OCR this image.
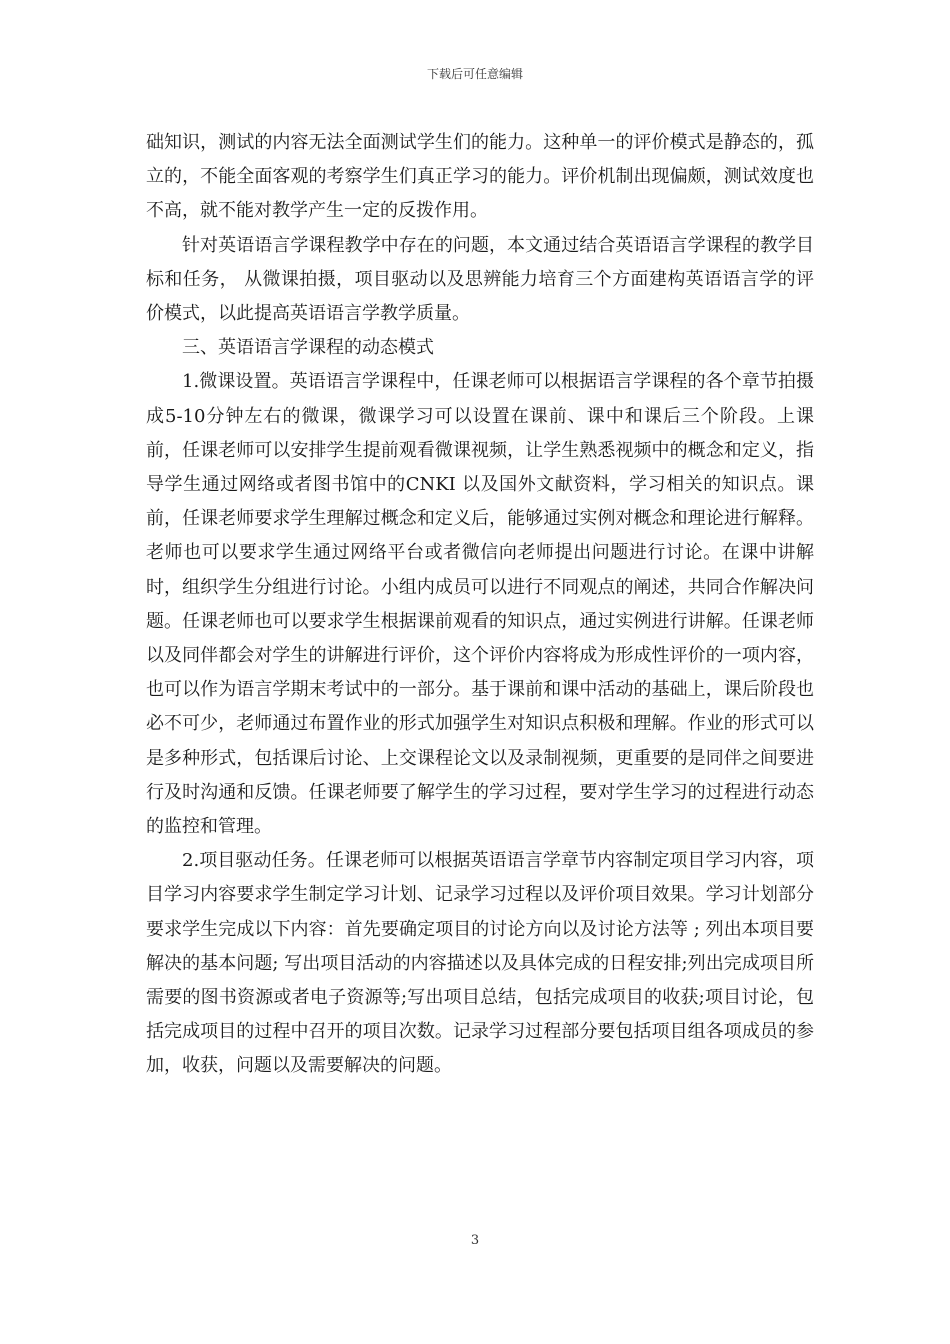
下载后可任意编辑

础知识，测试的内容无法全面测试学生们的能力。这种单一的评价模式是静态的，孤立的，不能全面客观的考察学生们真正学习的能力。评价机制出现偏颇，测试效度也不高，就不能对教学产生一定的反拨作用。

针对英语语言学课程教学中存在的问题，本文通过结合英语语言学课程的教学目标和任务， 从微课拍摄，项目驱动以及思辨能力培育三个方面建构英语语言学的评价模式，以此提高英语语言学教学质量。

三、英语语言学课程的动态模式

1.微课设置。英语语言学课程中，任课老师可以根据语言学课程的各个章节拍摄成5-10分钟左右的微课，微课学习可以设置在课前、课中和课后三个阶段。上课前，任课老师可以安排学生提前观看微课视频，让学生熟悉视频中的概念和定义，指导学生通过网络或者图书馆中的CNKI 以及国外文献资料，学习相关的知识点。课前，任课老师要求学生理解过概念和定义后，能够通过实例对概念和理论进行解释。老师也可以要求学生通过网络平台或者微信向老师提出问题进行讨论。在课中讲解时，组织学生分组进行讨论。小组内成员可以进行不同观点的阐述，共同合作解决问题。任课老师也可以要求学生根据课前观看的知识点，通过实例进行讲解。任课老师以及同伴都会对学生的讲解进行评价，这个评价内容将成为形成性评价的一项内容，也可以作为语言学期末考试中的一部分。基于课前和课中活动的基础上，课后阶段也必不可少，老师通过布置作业的形式加强学生对知识点积极和理解。作业的形式可以是多种形式，包括课后讨论、上交课程论文以及录制视频，更重要的是同伴之间要进行及时沟通和反馈。任课老师要了解学生的学习过程，要对学生学习的过程进行动态的监控和管理。

2.项目驱动任务。任课老师可以根据英语语言学章节内容制定项目学习内容，项目学习内容要求学生制定学习计划、记录学习过程以及评价项目效果。学习计划部分要求学生完成以下内容：首先要确定项目的讨论方向以及讨论方法等 ; 列出本项目要解决的基本问题; 写出项目活动的内容描述以及具体完成的日程安排;列出完成项目所需要的图书资源或者电子资源等;写出项目总结，包括完成项目的收获;项目讨论，包括完成项目的过程中召开的项目次数。记录学习过程部分要包括项目组各项成员的参加，收获，问题以及需要解决的问题。

3
